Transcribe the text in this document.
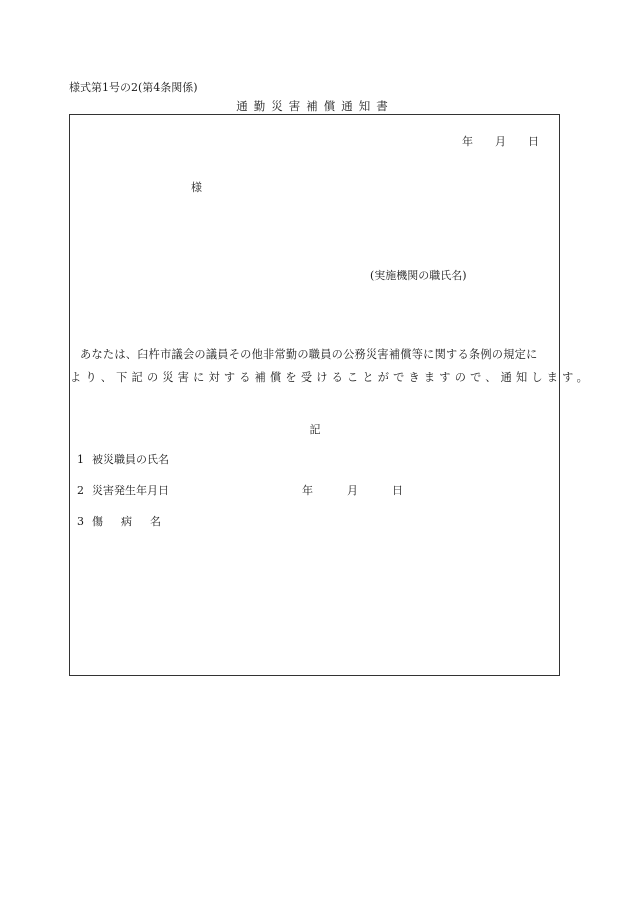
様式第1号の2(第4条関係)
通勤災害補償通知書
年 月 日
様
(実施機関の職氏名)
あなたは、臼杵市議会の議員その他非常勤の職員の公務災害補償等に関する条例の規定に
より、下記の災害に対する補償を受けることができますので、通知します。
記
1 被災職員の氏名
2 災害発生年月日	年	月	日
3 傷病名
